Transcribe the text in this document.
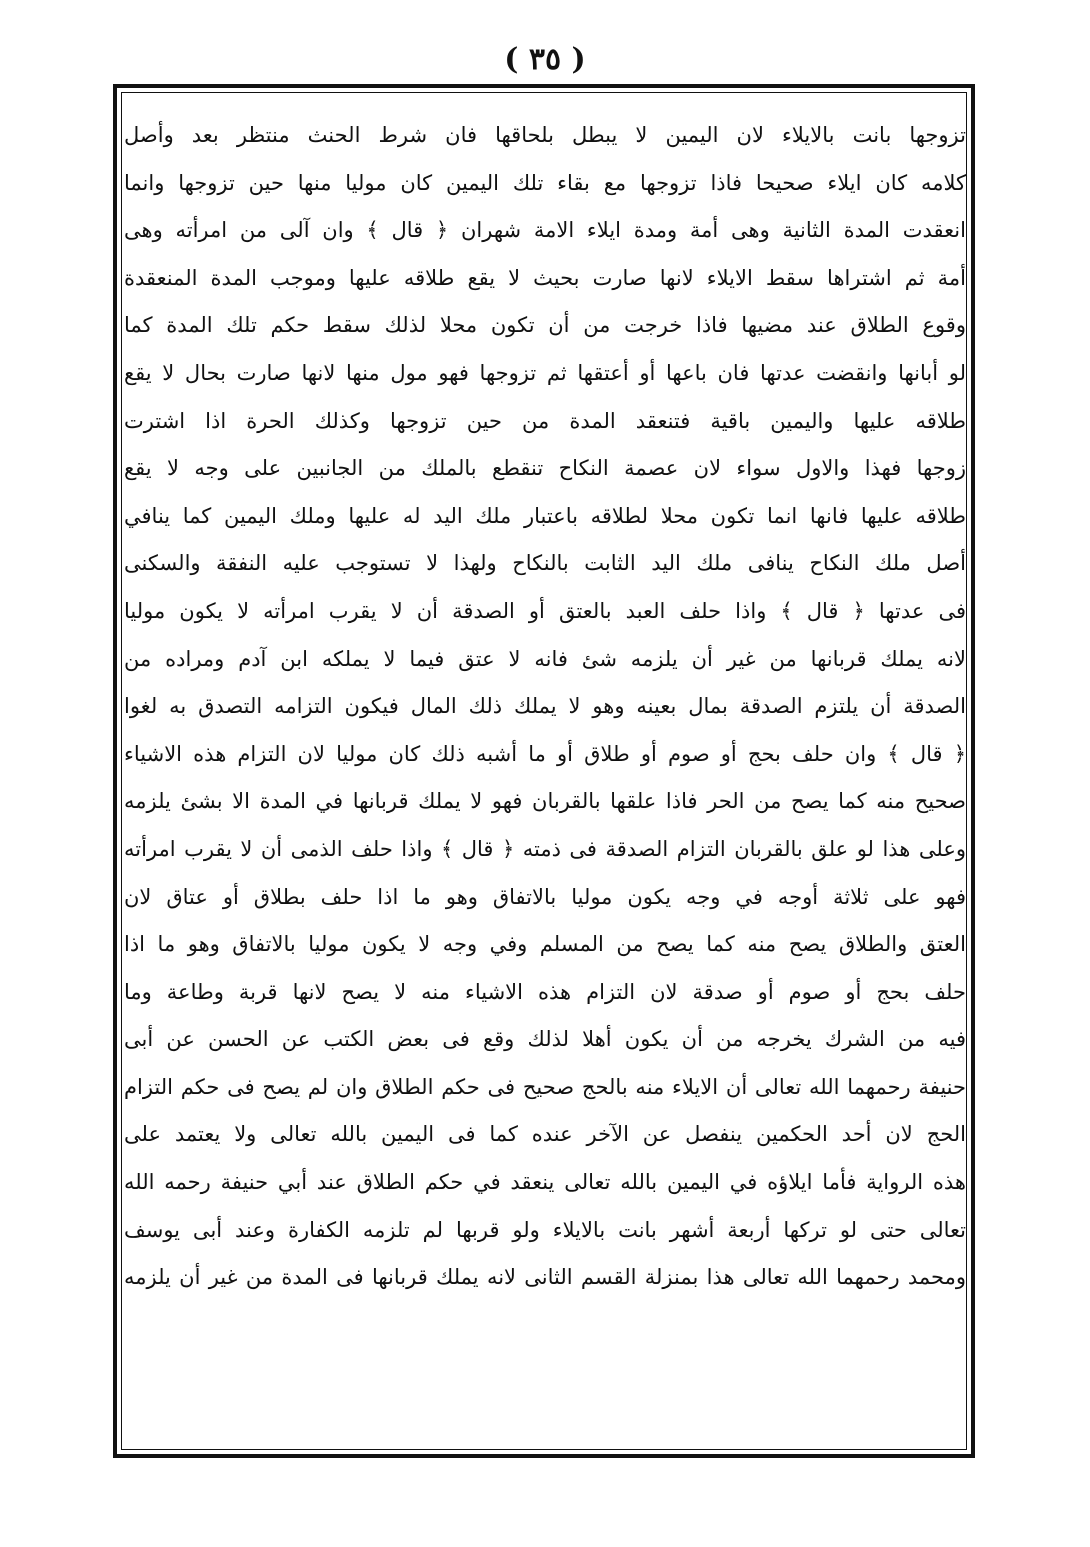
( ٣٥ )
تزوجها بانت بالايلاء لان اليمين لا يبطل بلحاقها فان شرط الحنث منتظر بعد وأصل
كلامه كان ايلاء صحيحا فاذا تزوجها مع بقاء تلك اليمين كان موليا منها حين تزوجها وانما
انعقدت المدة الثانية وهى أمة ومدة ايلاء الامة شهران ﴿ قال ﴾ وان آلى من امرأته وهى
أمة ثم اشتراها سقط الايلاء لانها صارت بحيث لا يقع طلاقه عليها وموجب المدة المنعقدة
وقوع الطلاق عند مضيها فاذا خرجت من أن تكون محلا لذلك سقط حكم تلك المدة كما
لو أبانها وانقضت عدتها فان باعها أو أعتقها ثم تزوجها فهو مول منها لانها صارت بحال لا يقع
طلاقه عليها واليمين باقية فتنعقد المدة من حين تزوجها وكذلك الحرة اذا اشترت
زوجها فهذا والاول سواء لان عصمة النكاح تنقطع بالملك من الجانبين على وجه لا يقع
طلاقه عليها فانها انما تكون محلا لطلاقه باعتبار ملك اليد له عليها وملك اليمين كما ينافي
أصل ملك النكاح ينافى ملك اليد الثابت بالنكاح ولهذا لا تستوجب عليه النفقة والسكنى
فى عدتها ﴿ قال ﴾ واذا حلف العبد بالعتق أو الصدقة أن لا يقرب امرأته لا يكون موليا
لانه يملك قربانها من غير أن يلزمه شئ فانه لا عتق فيما لا يملكه ابن آدم ومراده من
الصدقة أن يلتزم الصدقة بمال بعينه وهو لا يملك ذلك المال فيكون التزامه التصدق به لغوا
﴿ قال ﴾ وان حلف بحج أو صوم أو طلاق أو ما أشبه ذلك كان موليا لان التزام هذه الاشياء
صحيح منه كما يصح من الحر فاذا علقها بالقربان فهو لا يملك قربانها في المدة الا بشئ يلزمه
وعلى هذا لو علق بالقربان التزام الصدقة فى ذمته ﴿ قال ﴾ واذا حلف الذمى أن لا يقرب امرأته
فهو على ثلاثة أوجه في وجه يكون موليا بالاتفاق وهو ما اذا حلف بطلاق أو عتاق لان
العتق والطلاق يصح منه كما يصح من المسلم وفي وجه لا يكون موليا بالاتفاق وهو ما اذا
حلف بحج أو صوم أو صدقة لان التزام هذه الاشياء منه لا يصح لانها قربة وطاعة وما
فيه من الشرك يخرجه من أن يكون أهلا لذلك وقع فى بعض الكتب عن الحسن عن أبى
حنيفة رحمهما الله تعالى أن الايلاء منه بالحج صحيح فى حكم الطلاق وان لم يصح فى حكم التزام
الحج لان أحد الحكمين ينفصل عن الآخر عنده كما فى اليمين بالله تعالى ولا يعتمد على
هذه الرواية فأما ايلاؤه في اليمين بالله تعالى ينعقد في حكم الطلاق عند أبي حنيفة رحمه الله
تعالى حتى لو تركها أربعة أشهر بانت بالايلاء ولو قربها لم تلزمه الكفارة وعند أبى يوسف
ومحمد رحمهما الله تعالى هذا بمنزلة القسم الثانى لانه يملك قربانها فى المدة من غير أن يلزمه
